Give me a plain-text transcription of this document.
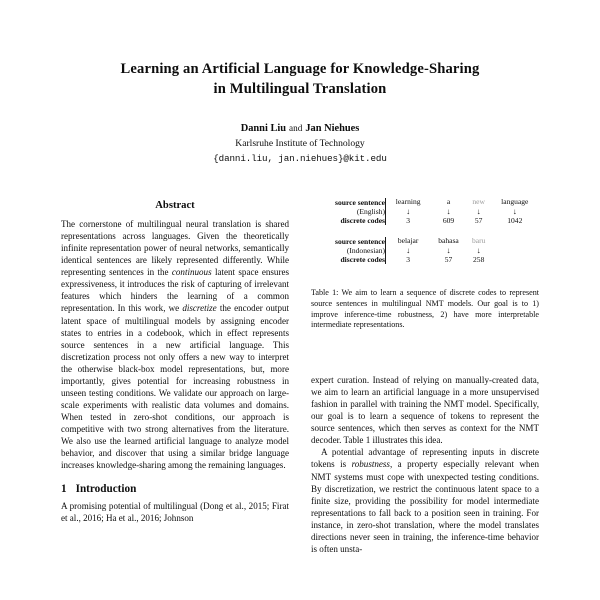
Learning an Artificial Language for Knowledge-Sharing
in Multilingual Translation
Danni Liu and Jan Niehues
Karlsruhe Institute of Technology
{danni.liu, jan.niehues}@kit.edu
Abstract

The cornerstone of multilingual neural translation is shared representations across languages. Given the theoretically infinite representation power of neural networks, semantically identical sentences are likely represented differently. While representing sentences in the continuous latent space ensures expressiveness, it introduces the risk of capturing of irrelevant features which hinders the learning of a common representation. In this work, we discretize the encoder output latent space of multilingual models by assigning encoder states to entries in a codebook, which in effect represents source sentences in a new artificial language. This discretization process not only offers a new way to interpret the otherwise black-box model representations, but, more importantly, gives potential for increasing robustness in unseen testing conditions. We validate our approach on large-scale experiments with realistic data volumes and domains. When tested in zero-shot conditions, our approach is competitive with two strong alternatives from the literature. We also use the learned artificial language to analyze model behavior, and discover that using a similar bridge language increases knowledge-sharing among the remaining languages.

1 Introduction

A promising potential of multilingual (Dong et al., 2015; Firat et al., 2016; Ha et al., 2016; Johnson

source sentence	learning	a	new	language
(English)	↓	↓	↓	↓
discrete codes	3	609	57	1042

source sentence	belajar	bahasa	baru	
(Indonesian)	↓	↓	↓	
discrete codes	3	57	258	
Table 1: We aim to learn a sequence of discrete codes to represent source sentences in multilingual NMT models. Our goal is to 1) improve inference-time robustness, 2) have more interpretable intermediate representations.

expert curation. Instead of relying on manually-created data, we aim to learn an artificial language in a more unsupervised fashion in parallel with training the NMT model. Specifically, our goal is to learn a sequence of tokens to represent the source sentences, which then serves as context for the NMT decoder. Table 1 illustrates this idea.

A potential advantage of representing inputs in discrete tokens is robustness, a property especially relevant when NMT systems must cope with unexpected testing conditions. By discretization, we restrict the continuous latent space to a finite size, providing the possibility for model intermediate representations to fall back to a position seen in training. For instance, in zero-shot translation, where the model translates directions never seen in training, the inference-time behavior is often unsta-
